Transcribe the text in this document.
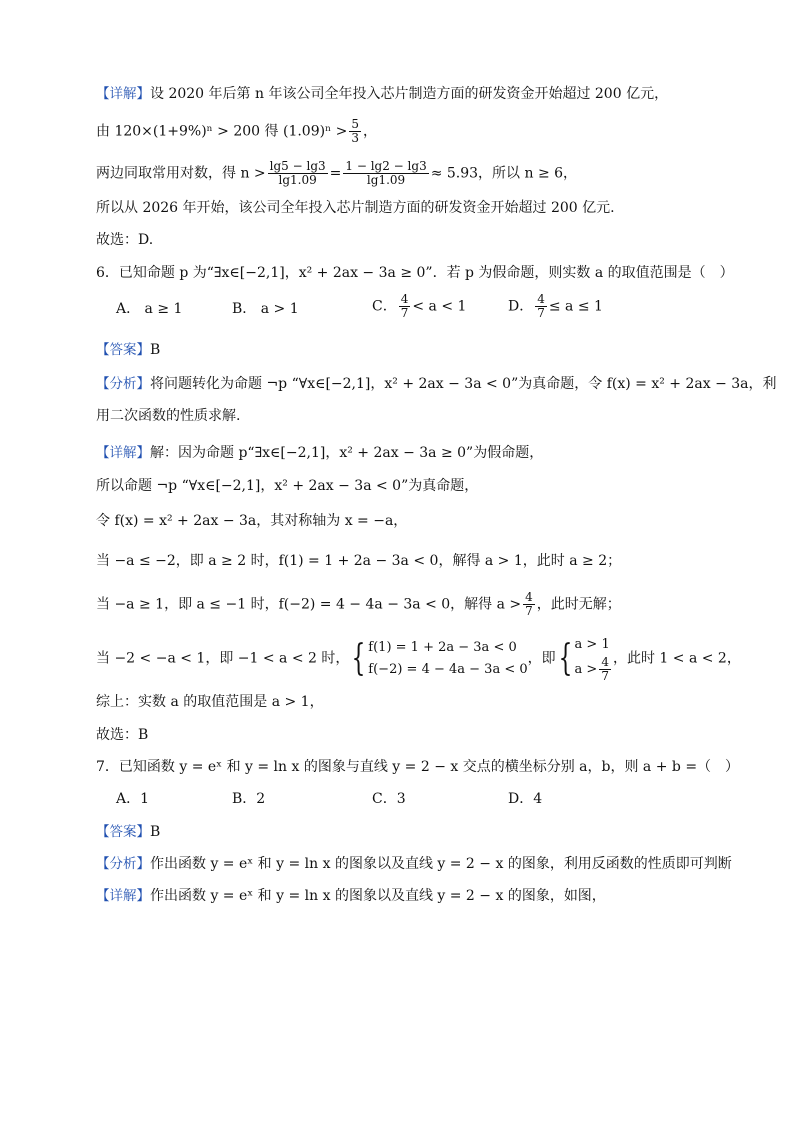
【详解】设 2020 年后第 n 年该公司全年投入芯片制造方面的研发资金开始超过 200 亿元，
由 120×(1+9%)ⁿ > 200 得 $(1.09)^n > \frac{5}{3}$ ，
两边同取常用对数，得 $n > \frac{\lg 5 - \lg 3}{\lg 1.09} = \frac{1 - \lg 2 - \lg 3}{\lg 1.09} \approx 5.93$，所以 n ≥ 6，
所以从 2026 年开始，该公司全年投入芯片制造方面的研发资金开始超过 200 亿元.
故选：D.
6．已知命题 p 为“∃x∈[−2,1]，x² + 2ax − 3a ≥ 0”．若 p 为假命题，则实数 a 的取值范围是（　）
A． a ≥ 1	B． a > 1	C． $\frac{4}{7} < a < 1$	D． $\frac{4}{7} \le a \le 1$
【答案】B
【分析】将问题转化为命题 ¬p “∀x∈[−2,1]，x² + 2ax − 3a < 0”为真命题，令 f(x) = x² + 2ax − 3a，利
用二次函数的性质求解.
【详解】解：因为命题 p“∃x∈[−2,1]，x² + 2ax − 3a ≥ 0”为假命题，
所以命题 ¬p “∀x∈[−2,1]，x² + 2ax − 3a < 0”为真命题，
令 f(x) = x² + 2ax − 3a，其对称轴为 x = −a，
当 −a ≤ −2，即 a ≥ 2 时，f(1) = 1 + 2a − 3a < 0，解得 a > 1，此时 a ≥ 2；
当 −a ≥ 1，即 a ≤ −1 时，f(−2) = 4 − 4a − 3a < 0，解得 $a > \frac{4}{7}$ ，此时无解；
当 −2 < −a < 1，即 −1 < a < 2 时，{ f(1) = 1 + 2a − 3a < 0
f(−2) = 4 − 4a − 3a < 0
，即{ a > 1
$a > \frac{4}{7}$ ，此时 1 < a < 2，
综上：实数 a 的取值范围是 a > 1，
故选：B
7．已知函数 y = eˣ 和 y = ln x 的图象与直线 y = 2 − x 交点的横坐标分别 a，b，则 a + b =（　）
A．1	B．2	C．3	D．4
【答案】B
【分析】作出函数 y = eˣ 和 y = ln x 的图象以及直线 y = 2 − x 的图象，利用反函数的性质即可判断
【详解】作出函数 y = eˣ 和 y = ln x 的图象以及直线 y = 2 − x 的图象，如图，
